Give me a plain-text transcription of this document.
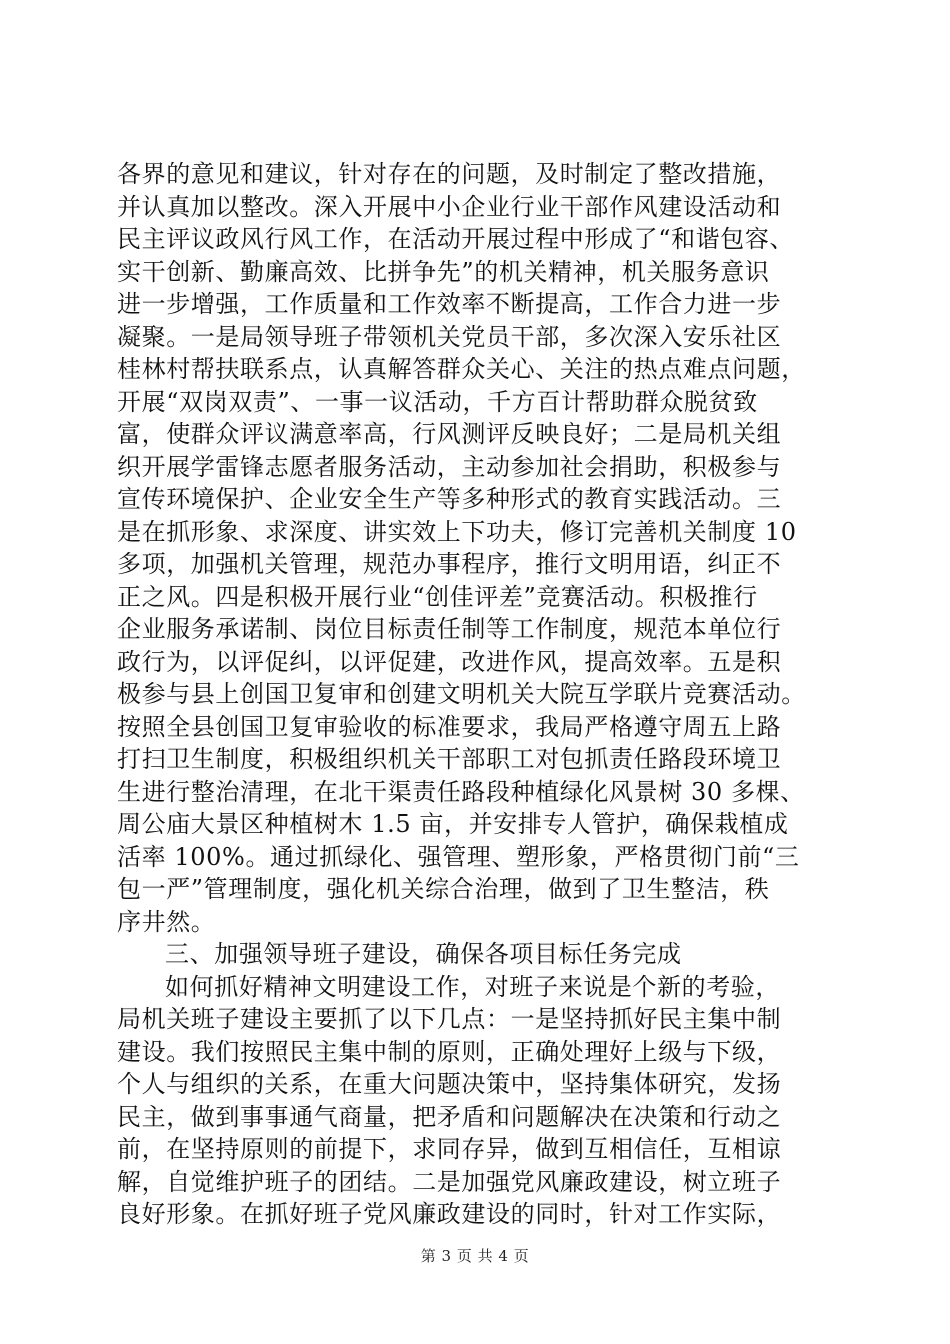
各界的意见和建议，针对存在的问题，及时制定了整改措施，
并认真加以整改。深入开展中小企业行业干部作风建设活动和
民主评议政风行风工作，在活动开展过程中形成了“和谐包容、
实干创新、勤廉高效、比拼争先”的机关精神，机关服务意识
进一步增强，工作质量和工作效率不断提高，工作合力进一步
凝聚。一是局领导班子带领机关党员干部，多次深入安乐社区
桂林村帮扶联系点，认真解答群众关心、关注的热点难点问题，
开展“双岗双责”、一事一议活动，千方百计帮助群众脱贫致
富，使群众评议满意率高，行风测评反映良好；二是局机关组
织开展学雷锋志愿者服务活动，主动参加社会捐助，积极参与
宣传环境保护、企业安全生产等多种形式的教育实践活动。三
是在抓形象、求深度、讲实效上下功夫，修订完善机关制度 10
多项，加强机关管理，规范办事程序，推行文明用语，纠正不
正之风。四是积极开展行业“创佳评差”竞赛活动。积极推行
企业服务承诺制、岗位目标责任制等工作制度，规范本单位行
政行为，以评促纠，以评促建，改进作风，提高效率。五是积
极参与县上创国卫复审和创建文明机关大院互学联片竞赛活动。
按照全县创国卫复审验收的标准要求，我局严格遵守周五上路
打扫卫生制度，积极组织机关干部职工对包抓责任路段环境卫
生进行整治清理，在北干渠责任路段种植绿化风景树 30 多棵、
周公庙大景区种植树木 1.5 亩，并安排专人管护，确保栽植成
活率 100%。通过抓绿化、强管理、塑形象，严格贯彻门前“三
包一严”管理制度，强化机关综合治理，做到了卫生整洁，秩
序井然。
三、加强领导班子建设，确保各项目标任务完成
如何抓好精神文明建设工作，对班子来说是个新的考验，
局机关班子建设主要抓了以下几点：一是坚持抓好民主集中制
建设。我们按照民主集中制的原则，正确处理好上级与下级，
个人与组织的关系，在重大问题决策中，坚持集体研究，发扬
民主，做到事事通气商量，把矛盾和问题解决在决策和行动之
前，在坚持原则的前提下，求同存异，做到互相信任，互相谅
解，自觉维护班子的团结。二是加强党风廉政建设，树立班子
良好形象。在抓好班子党风廉政建设的同时，针对工作实际，
第 3 页 共 4 页
